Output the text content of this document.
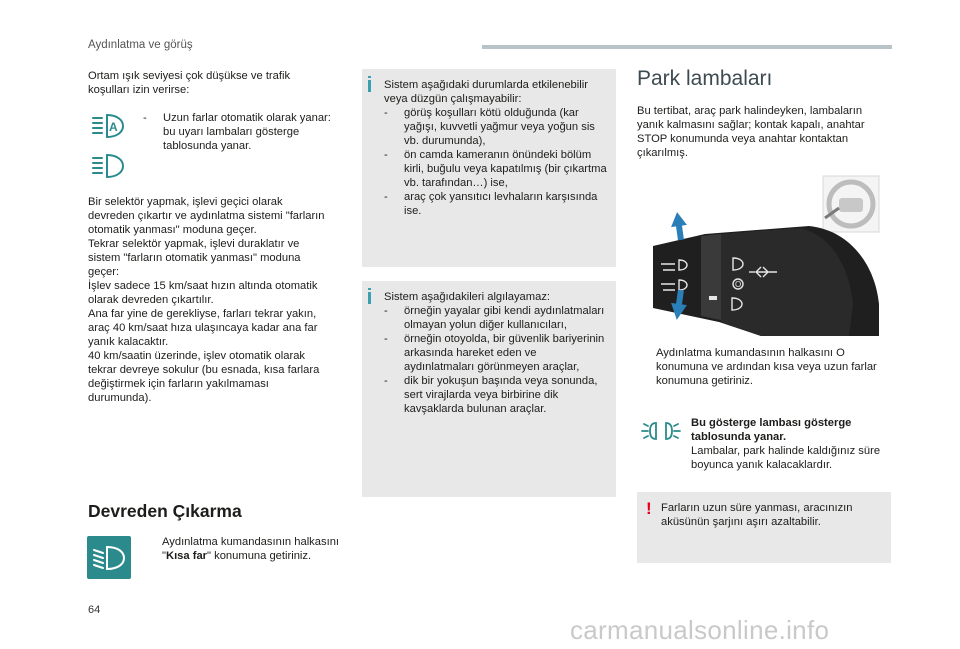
Aydınlatma ve görüş
Ortam ışık seviyesi çok düşükse ve trafik koşulları izin verirse:
A
- Uzun farlar otomatik olarak yanar: bu uyarı lambaları gösterge tablosunda yanar.
Bir selektör yapmak, işlevi geçici olarak devreden çıkartır ve aydınlatma sistemi "farların otomatik yanması" moduna geçer.
Tekrar selektör yapmak, işlevi duraklatır ve sistem "farların otomatik yanması" moduna geçer:
İşlev sadece 15 km/saat hızın altında otomatik olarak devreden çıkartılır.
Ana far yine de gerekliyse, farları tekrar yakın, araç 40 km/saat hıza ulaşıncaya kadar ana far yanık kalacaktır.
40 km/saatin üzerinde, işlev otomatik olarak tekrar devreye sokulur (bu esnada, kısa farlara değiştirmek için farların yakılmaması durumunda).
Devreden Çıkarma
Aydınlatma kumandasının halkasını "Kısa far" konumuna getiriniz.
Sistem aşağıdaki durumlarda etkilenebilir veya düzgün çalışmayabilir:
- görüş koşulları kötü olduğunda (kar yağışı, kuvvetli yağmur veya yoğun sis vb. durumunda),
- ön camda kameranın önündeki bölüm kirli, buğulu veya kapatılmış (bir çıkartma vb. tarafından…) ise,
- araç çok yansıtıcı levhaların karşısında ise.
Sistem aşağıdakileri algılayamaz:
- örneğin yayalar gibi kendi aydınlatmaları olmayan yolun diğer kullanıcıları,
- örneğin otoyolda, bir güvenlik bariyerinin arkasında hareket eden ve aydınlatmaları görünmeyen araçlar,
- dik bir yokuşun başında veya sonunda, sert virajlarda veya birbirine dik kavşaklarda bulunan araçlar.
Park lambaları
Bu tertibat, araç park halindeyken, lambaların yanık kalmasını sağlar; kontak kapalı, anahtar STOP konumunda veya anahtar kontaktan çıkarılmış.
O
Aydınlatma kumandasının halkasını O konumuna ve ardından kısa veya uzun farlar konumuna getiriniz.
Bu gösterge lambası gösterge tablosunda yanar.
Lambalar, park halinde kaldığınız süre boyunca yanık kalacaklardır.
! Farların uzun süre yanması, aracınızın aküsünün şarjını aşırı azaltabilir.
64
carmanualsonline.info
